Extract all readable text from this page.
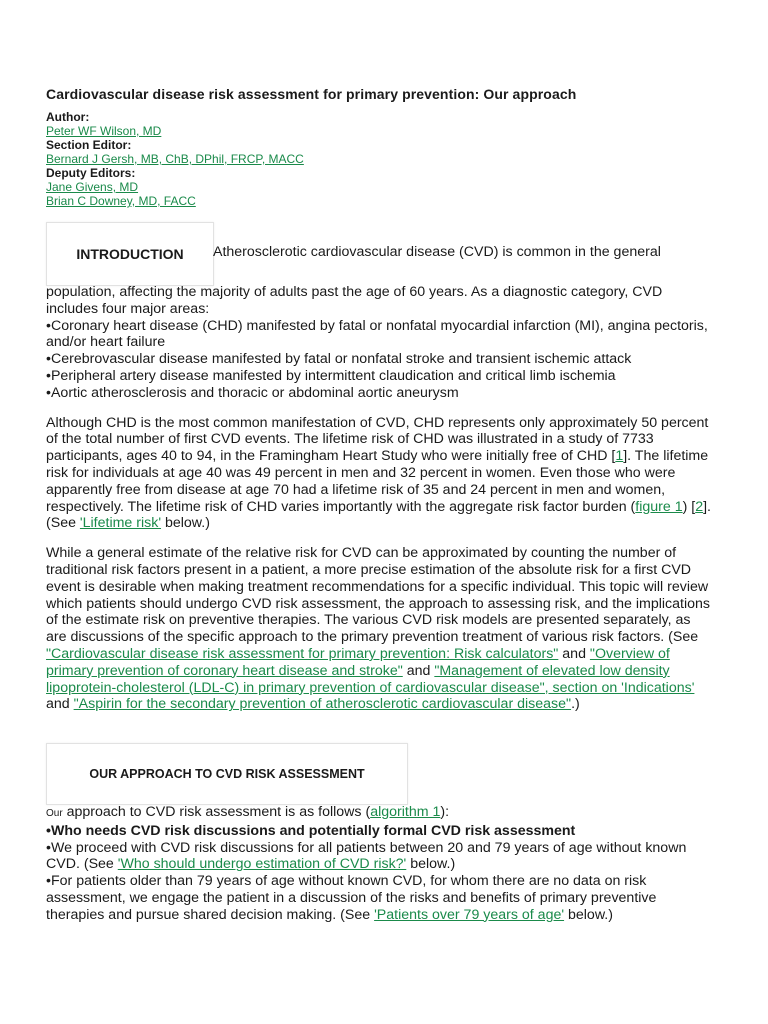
Cardiovascular disease risk assessment for primary prevention: Our approach
Author:
Peter WF Wilson, MD
Section Editor:
Bernard J Gersh, MB, ChB, DPhil, FRCP, MACC
Deputy Editors:
Jane Givens, MD
Brian C Downey, MD, FACC
INTRODUCTION	Atherosclerotic cardiovascular disease (CVD) is common in the general

population, affecting the majority of adults past the age of 60 years. As a diagnostic category, CVD includes four major areas:

•Coronary heart disease (CHD) manifested by fatal or nonfatal myocardial infarction (MI), angina pectoris, and/or heart failure
•Cerebrovascular disease manifested by fatal or nonfatal stroke and transient ischemic attack
•Peripheral artery disease manifested by intermittent claudication and critical limb ischemia
•Aortic atherosclerosis and thoracic or abdominal aortic aneurysm

Although CHD is the most common manifestation of CVD, CHD represents only approximately 50 percent of the total number of first CVD events. The lifetime risk of CHD was illustrated in a study of 7733 participants, ages 40 to 94, in the Framingham Heart Study who were initially free of CHD [1]. The lifetime risk for individuals at age 40 was 49 percent in men and 32 percent in women. Even those who were apparently free from disease at age 70 had a lifetime risk of 35 and 24 percent in men and women, respectively. The lifetime risk of CHD varies importantly with the aggregate risk factor burden (figure 1) [2]. (See 'Lifetime risk' below.)

While a general estimate of the relative risk for CVD can be approximated by counting the number of traditional risk factors present in a patient, a more precise estimation of the absolute risk for a first CVD event is desirable when making treatment recommendations for a specific individual. This topic will review which patients should undergo CVD risk assessment, the approach to assessing risk, and the implications of the estimate risk on preventive therapies. The various CVD risk models are presented separately, as are discussions of the specific approach to the primary prevention treatment of various risk factors. (See "Cardiovascular disease risk assessment for primary prevention: Risk calculators" and "Overview of primary prevention of coronary heart disease and stroke" and "Management of elevated low density lipoprotein-cholesterol (LDL-C) in primary prevention of cardiovascular disease", section on 'Indications' and "Aspirin for the secondary prevention of atherosclerotic cardiovascular disease".)

OUR APPROACH TO CVD RISK ASSESSMENT

Our approach to CVD risk assessment is as follows (algorithm 1):

•Who needs CVD risk discussions and potentially formal CVD risk assessment

•We proceed with CVD risk discussions for all patients between 20 and 79 years of age without known CVD. (See 'Who should undergo estimation of CVD risk?' below.)

•For patients older than 79 years of age without known CVD, for whom there are no data on risk assessment, we engage the patient in a discussion of the risks and benefits of primary preventive therapies and pursue shared decision making. (See 'Patients over 79 years of age' below.)
